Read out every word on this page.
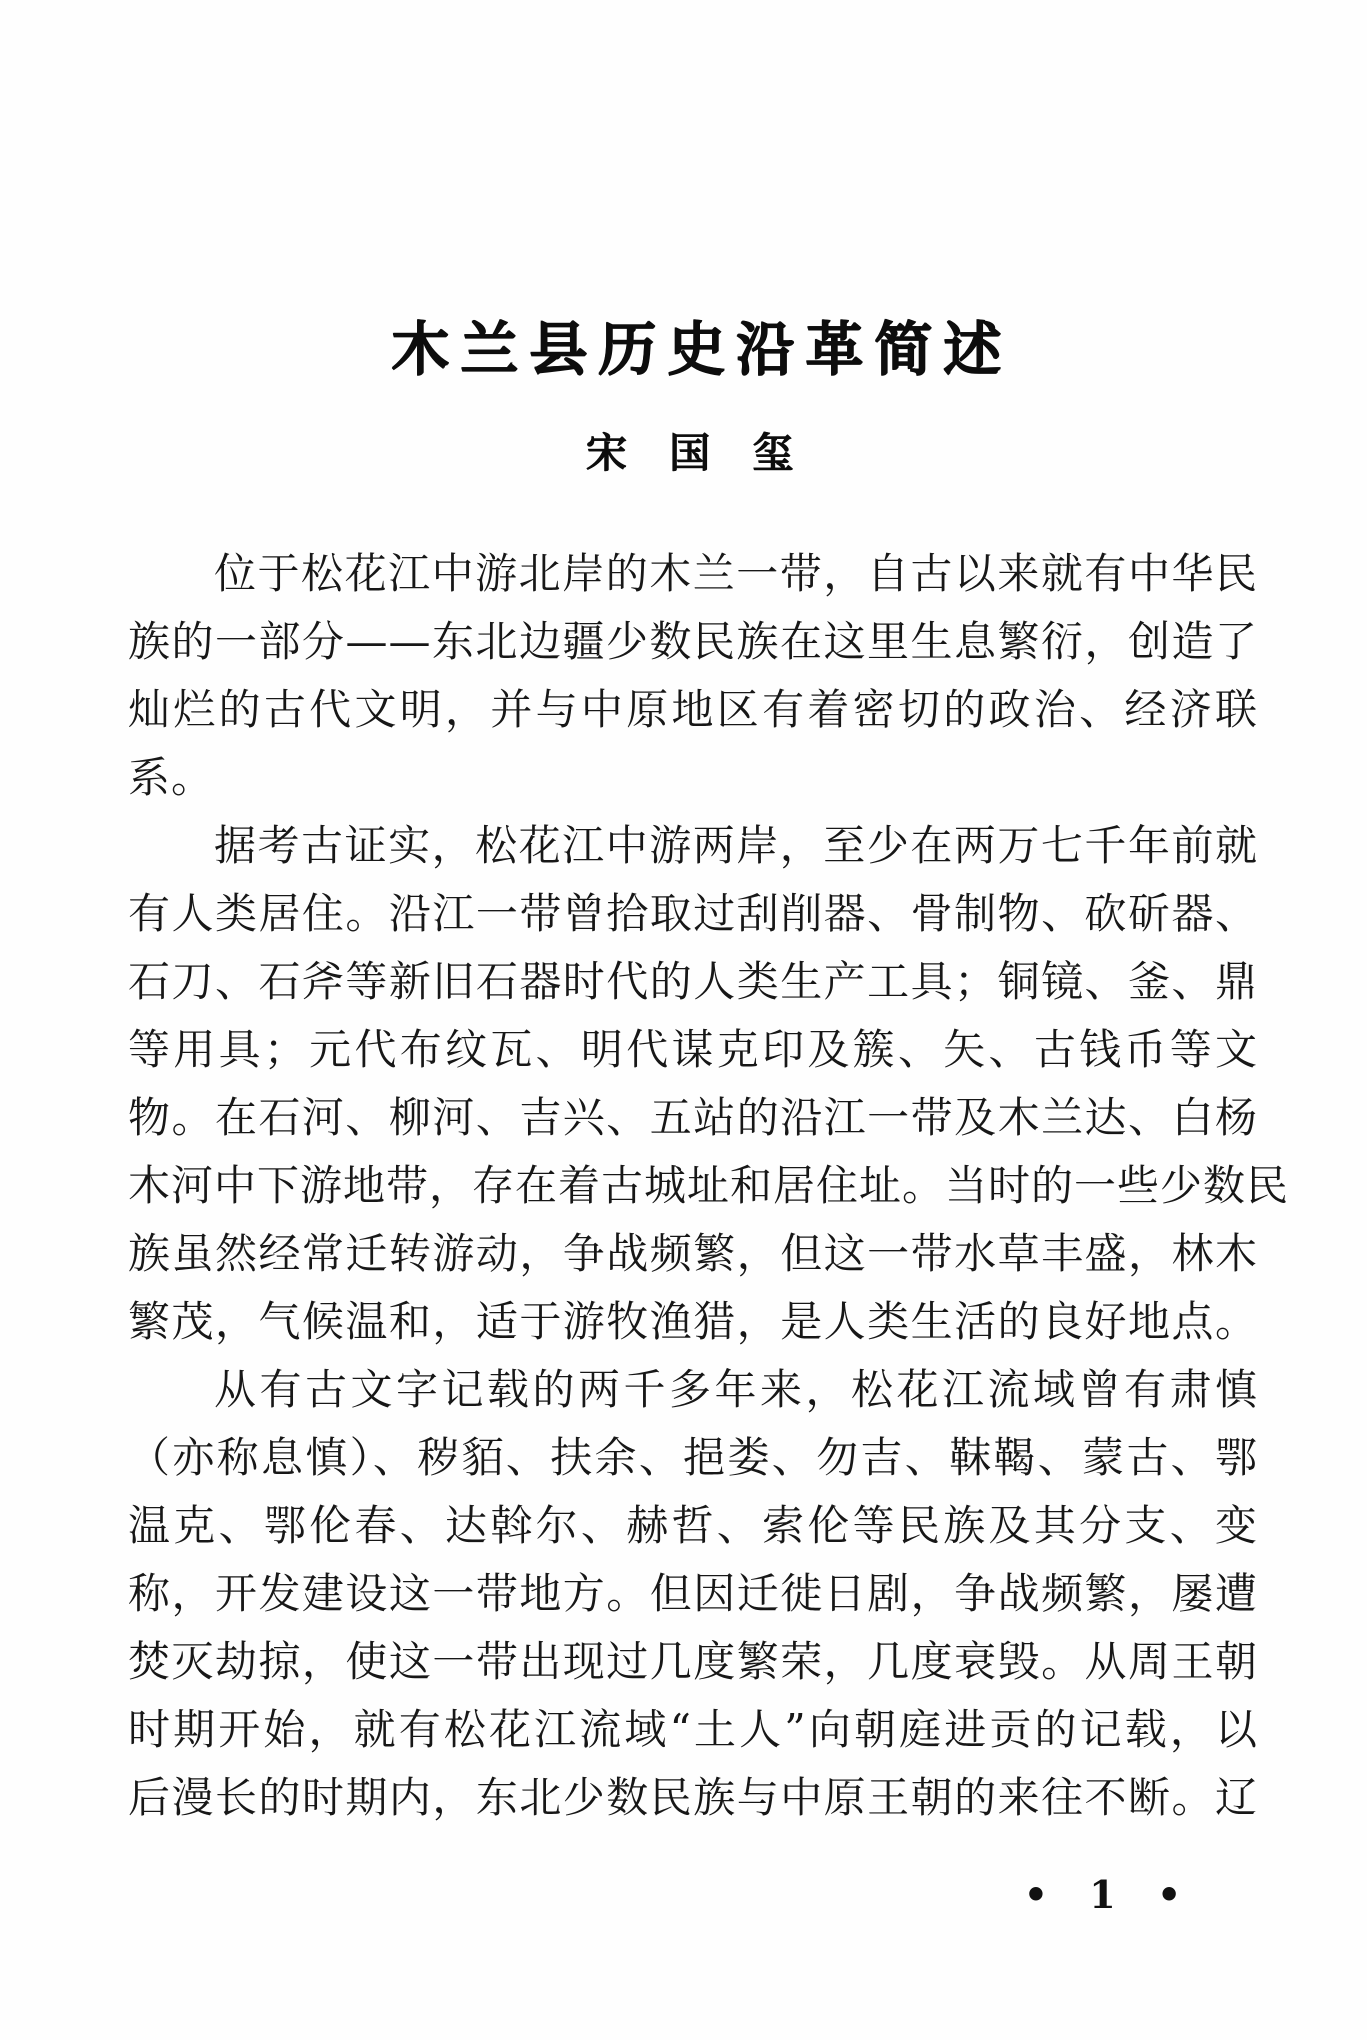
木兰县历史沿革简述
宋 国 玺
位于松花江中游北岸的木兰一带，自古以来就有中华民
族的一部分——东北边疆少数民族在这里生息繁衍，创造了
灿烂的古代文明，并与中原地区有着密切的政治、经济联
系。
据考古证实，松花江中游两岸，至少在两万七千年前就
有人类居住。沿江一带曾拾取过刮削器、骨制物、砍斫器、
石刀、石斧等新旧石器时代的人类生产工具；铜镜、釜、鼎
等用具；元代布纹瓦、明代谋克印及簇、矢、古钱币等文
物。在石河、柳河、吉兴、五站的沿江一带及木兰达、白杨
木河中下游地带，存在着古城址和居住址。当时的一些少数民
族虽然经常迁转游动，争战频繁，但这一带水草丰盛，林木
繁茂，气候温和，适于游牧渔猎，是人类生活的良好地点。
从有古文字记载的两千多年来，松花江流域曾有肃慎
（亦称息慎）、秽貊、扶余、挹娄、勿吉、靺鞨、蒙古、鄂
温克、鄂伦春、达斡尔、赫哲、索伦等民族及其分支、变
称，开发建设这一带地方。但因迁徙日剧，争战频繁，屡遭
焚灭劫掠，使这一带出现过几度繁荣，几度衰毁。从周王朝
时期开始，就有松花江流域“土人”向朝庭进贡的记载，以
后漫长的时期内，东北少数民族与中原王朝的来往不断。辽
• 1 •
